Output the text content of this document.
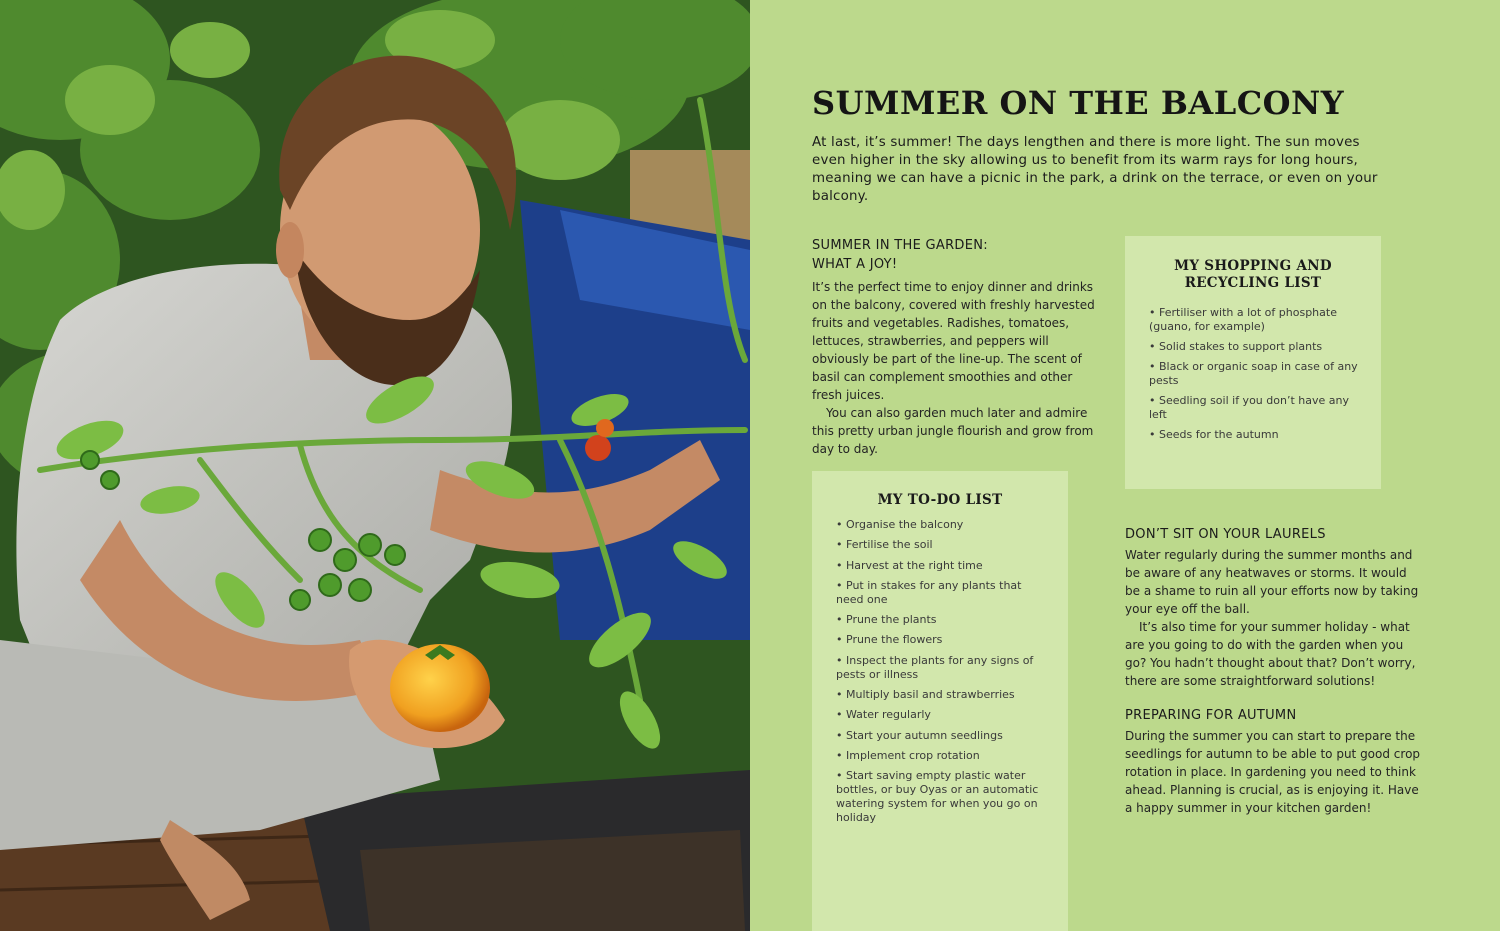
SUMMER ON THE BALCONY

At last, it’s summer! The days lengthen and there is more light. The sun moves even higher in the sky allowing us to benefit from its warm rays for long hours, meaning we can have a picnic in the park, a drink on the terrace, or even on your balcony.

SUMMER IN THE GARDEN:
WHAT A JOY!

It’s the perfect time to enjoy dinner and drinks on the balcony, covered with freshly harvested fruits and vegetables. Radishes, tomatoes, lettuces, strawberries, and peppers will obviously be part of the line-up. The scent of basil can complement smoothies and other fresh juices.

You can also garden much later and admire this pretty urban jungle flourish and grow from day to day.

MY SHOPPING AND
RECYCLING LIST
• Fertiliser with a lot of phosphate (guano, for example)
• Solid stakes to support plants
• Black or organic soap in case of any pests
• Seedling soil if you don’t have any left
• Seeds for the autumn
MY TO-DO LIST
• Organise the balcony
• Fertilise the soil
• Harvest at the right time
• Put in stakes for any plants that need one
• Prune the plants
• Prune the flowers
• Inspect the plants for any signs of pests or illness
• Multiply basil and strawberries
• Water regularly
• Start your autumn seedlings
• Implement crop rotation
• Start saving empty plastic water bottles, or buy Oyas or an automatic watering system for when you go on holiday
DON’T SIT ON YOUR LAURELS

Water regularly during the summer months and be aware of any heatwaves or storms. It would be a shame to ruin all your efforts now by taking your eye off the ball.

It’s also time for your summer holiday - what are you going to do with the garden when you go? You hadn’t thought about that? Don’t worry, there are some straightforward solutions!

PREPARING FOR AUTUMN

During the summer you can start to prepare the seedlings for autumn to be able to put good crop rotation in place. In gardening you need to think ahead. Planning is crucial, as is enjoying it. Have a happy summer in your kitchen garden!
